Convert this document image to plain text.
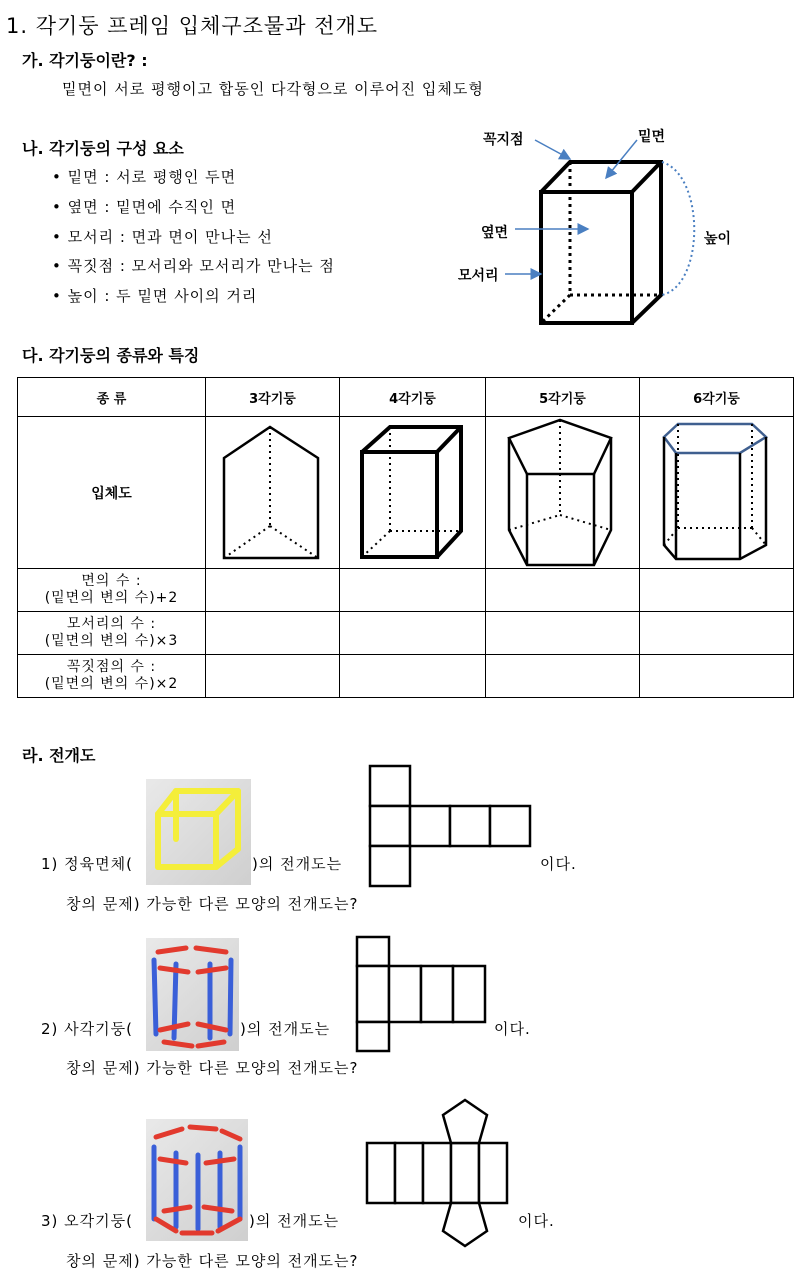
1. 각기둥 프레임 입체구조물과 전개도
가. 각기둥이란? :
밑면이 서로 평행이고 합동인 다각형으로 이루어진 입체도형
나. 각기둥의 구성 요소
• 밑면 : 서로 평행인 두면
• 옆면 : 밑면에 수직인 면
• 모서리 : 면과 면이 만나는 선
• 꼭짓점 : 모서리와 모서리가 만나는 점
• 높이 : 두 밑면 사이의 거리
꼭지점	밑면
옆면
모서리
높이
다. 각기둥의 종류와 특징
종 류	3각기둥	4각기둥	5각기둥	6각기둥
입체도				

면의 수 :
(밑면의 변의 수)+2				

모서리의 수 :
(밑면의 변의 수)×3				

꼭짓점의 수 :
(밑면의 변의 수)×2				

라. 전개도
1) 정육면체(	)의 전개도는	이다.
창의 문제) 가능한 다른 모양의 전개도는?
2) 사각기둥(	)의 전개도는	이다.
창의 문제) 가능한 다른 모양의 전개도는?
3) 오각기둥(	)의 전개도는	이다.
창의 문제) 가능한 다른 모양의 전개도는?
